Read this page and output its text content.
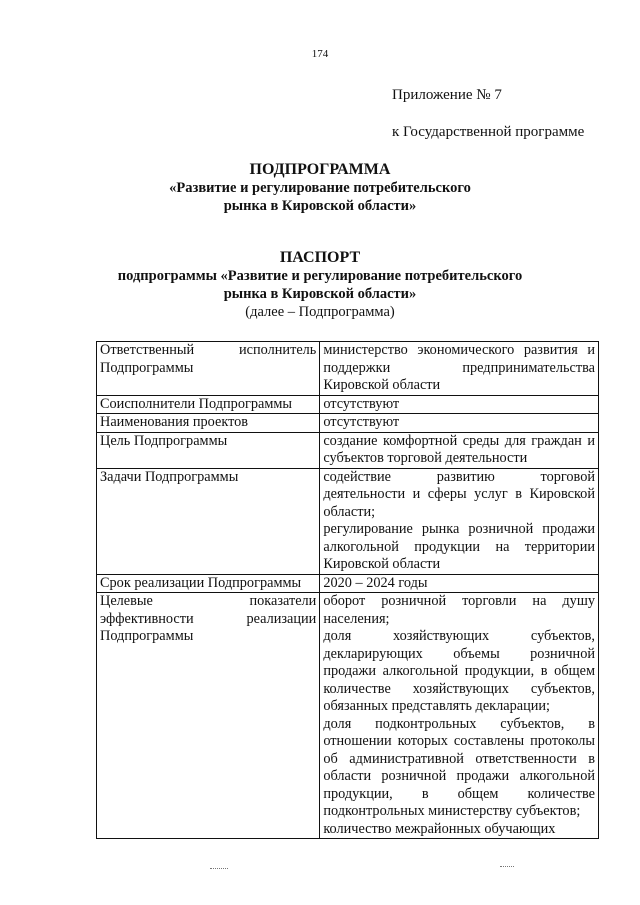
174
Приложение № 7
к Государственной программе
ПОДПРОГРАММА
«Развитие и регулирование потребительского
рынка в Кировской области»
ПАСПОРТ
подпрограммы «Развитие и регулирование потребительского
рынка в Кировской области»
(далее – Подпрограмма)
Ответственный исполнитель Подпрограммы	министерство экономического развития и поддержки предпринимательства Кировской области

Соисполнители Подпрограммы	отсутствуют

Наименования проектов	отсутствуют

Цель Подпрограммы	создание комфортной среды для граждан и субъектов торговой деятельности

Задачи Подпрограммы	содействие развитию торговой деятельности и сферы услуг в Кировской области;
регулирование рынка розничной продажи алкогольной продукции на территории Кировской области

Срок реализации Подпрограммы	2020 – 2024 годы

Целевые показатели эффективности реализации Подпрограммы	оборот розничной торговли на душу населения;
доля хозяйствующих субъектов, декларирующих объемы розничной продажи алкогольной продукции, в общем количестве хозяйствующих субъектов, обязанных представлять декларации;
доля подконтрольных субъектов, в отношении которых составлены протоколы об административной ответственности в области розничной продажи алкогольной продукции, в общем количестве подконтрольных министерству субъектов;
количество межрайонных обучающих
